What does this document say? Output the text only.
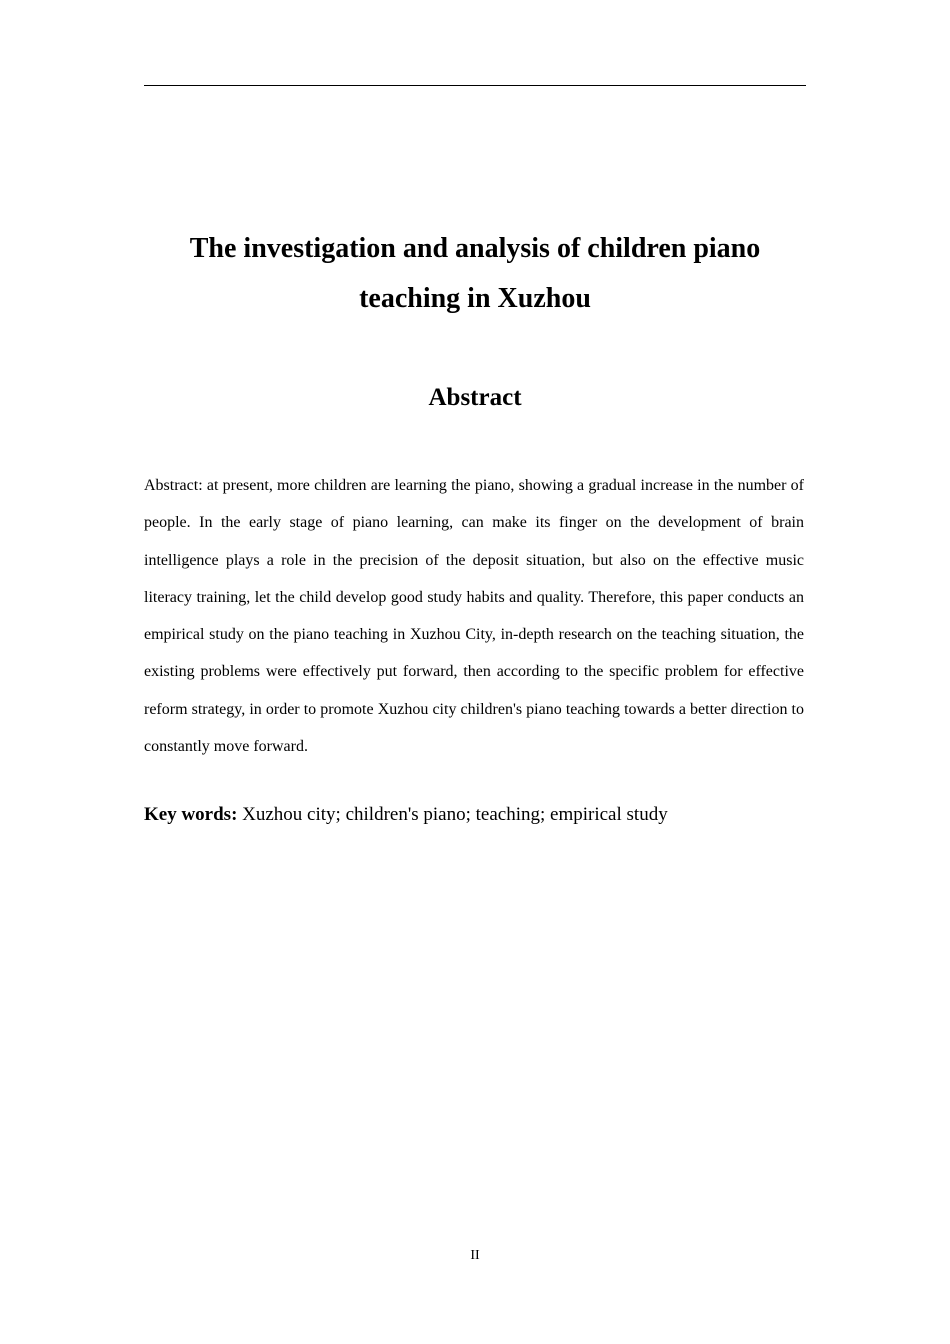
The investigation and analysis of children piano teaching in Xuzhou
Abstract

Abstract: at present, more children are learning the piano, showing a gradual increase in the number of people. In the early stage of piano learning, can make its finger on the development of brain intelligence plays a role in the precision of the deposit situation, but also on the effective music literacy training, let the child develop good study habits and quality. Therefore, this paper conducts an empirical study on the piano teaching in Xuzhou City, in-depth research on the teaching situation, the existing problems were effectively put forward, then according to the specific problem for effective reform strategy, in order to promote Xuzhou city children's piano teaching towards a better direction to constantly move forward.

Key words: Xuzhou city; children's piano; teaching; empirical study

II
